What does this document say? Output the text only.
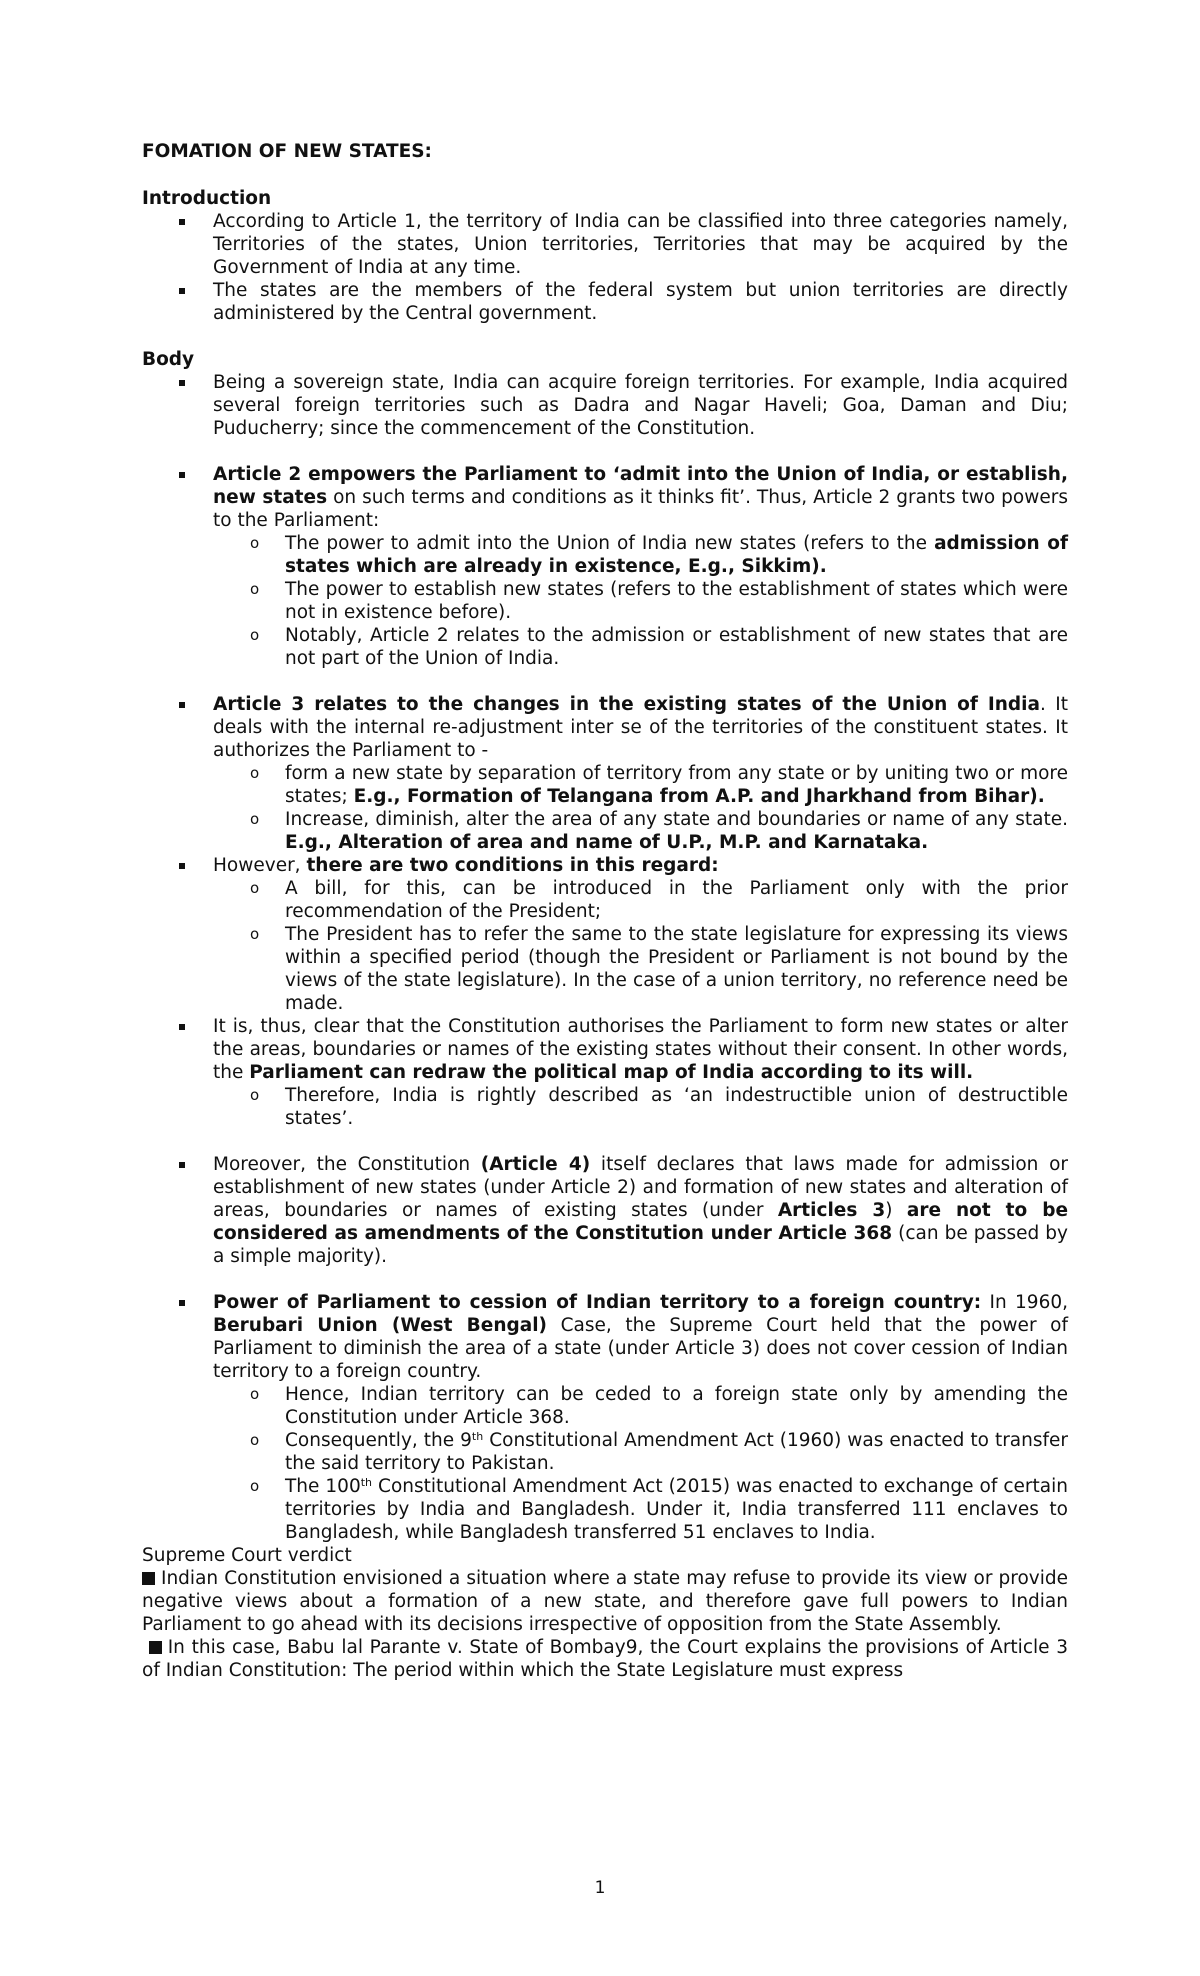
FOMATION OF NEW STATES:

Introduction

According to Article 1, the territory of India can be classified into three categories namely, Territories of the states, Union territories, Territories that may be acquired by the Government of India at any time.
The states are the members of the federal system but union territories are directly administered by the Central government.

Body

Being a sovereign state, India can acquire foreign territories. For example, India acquired several foreign territories such as Dadra and Nagar Haveli; Goa, Daman and Diu; Puducherry; since the commencement of the Constitution.
Article 2 empowers the Parliament to ‘admit into the Union of India, or establish, new states on such terms and conditions as it thinks fit’. Thus, Article 2 grants two powers to the Parliament:
o The power to admit into the Union of India new states (refers to the admission of states which are already in existence, E.g., Sikkim).
o The power to establish new states (refers to the establishment of states which were not in existence before).
o Notably, Article 2 relates to the admission or establishment of new states that are not part of the Union of India.
Article 3 relates to the changes in the existing states of the Union of India. It deals with the internal re-adjustment inter se of the territories of the constituent states. It authorizes the Parliament to -
o form a new state by separation of territory from any state or by uniting two or more states; E.g., Formation of Telangana from A.P. and Jharkhand from Bihar).
o Increase, diminish, alter the area of any state and boundaries or name of any state. E.g., Alteration of area and name of U.P., M.P. and Karnataka.
However, there are two conditions in this regard:
o A bill, for this, can be introduced in the Parliament only with the prior recommendation of the President;
o The President has to refer the same to the state legislature for expressing its views within a specified period (though the President or Parliament is not bound by the views of the state legislature). In the case of a union territory, no reference need be made.
It is, thus, clear that the Constitution authorises the Parliament to form new states or alter the areas, boundaries or names of the existing states without their consent. In other words, the Parliament can redraw the political map of India according to its will.
o Therefore, India is rightly described as ‘an indestructible union of destructible states’.
Moreover, the Constitution (Article 4) itself declares that laws made for admission or establishment of new states (under Article 2) and formation of new states and alteration of areas, boundaries or names of existing states (under Articles 3) are not to be considered as amendments of the Constitution under Article 368 (can be passed by a simple majority).
Power of Parliament to cession of Indian territory to a foreign country: In 1960, Berubari Union (West Bengal) Case, the Supreme Court held that the power of Parliament to diminish the area of a state (under Article 3) does not cover cession of Indian territory to a foreign country.
o Hence, Indian territory can be ceded to a foreign state only by amending the Constitution under Article 368.
o Consequently, the 9th Constitutional Amendment Act (1960) was enacted to transfer the said territory to Pakistan.
o The 100th Constitutional Amendment Act (2015) was enacted to exchange of certain territories by India and Bangladesh. Under it, India transferred 111 enclaves to Bangladesh, while Bangladesh transferred 51 enclaves to India.

Supreme Court verdict

Indian Constitution envisioned a situation where a state may refuse to provide its view or provide negative views about a formation of a new state, and therefore gave full powers to Indian Parliament to go ahead with its decisions irrespective of opposition from the State Assembly.

In this case, Babu lal Parante v. State of Bombay9, the Court explains the provisions of Article 3 of Indian Constitution: The period within which the State Legislature must express

1
